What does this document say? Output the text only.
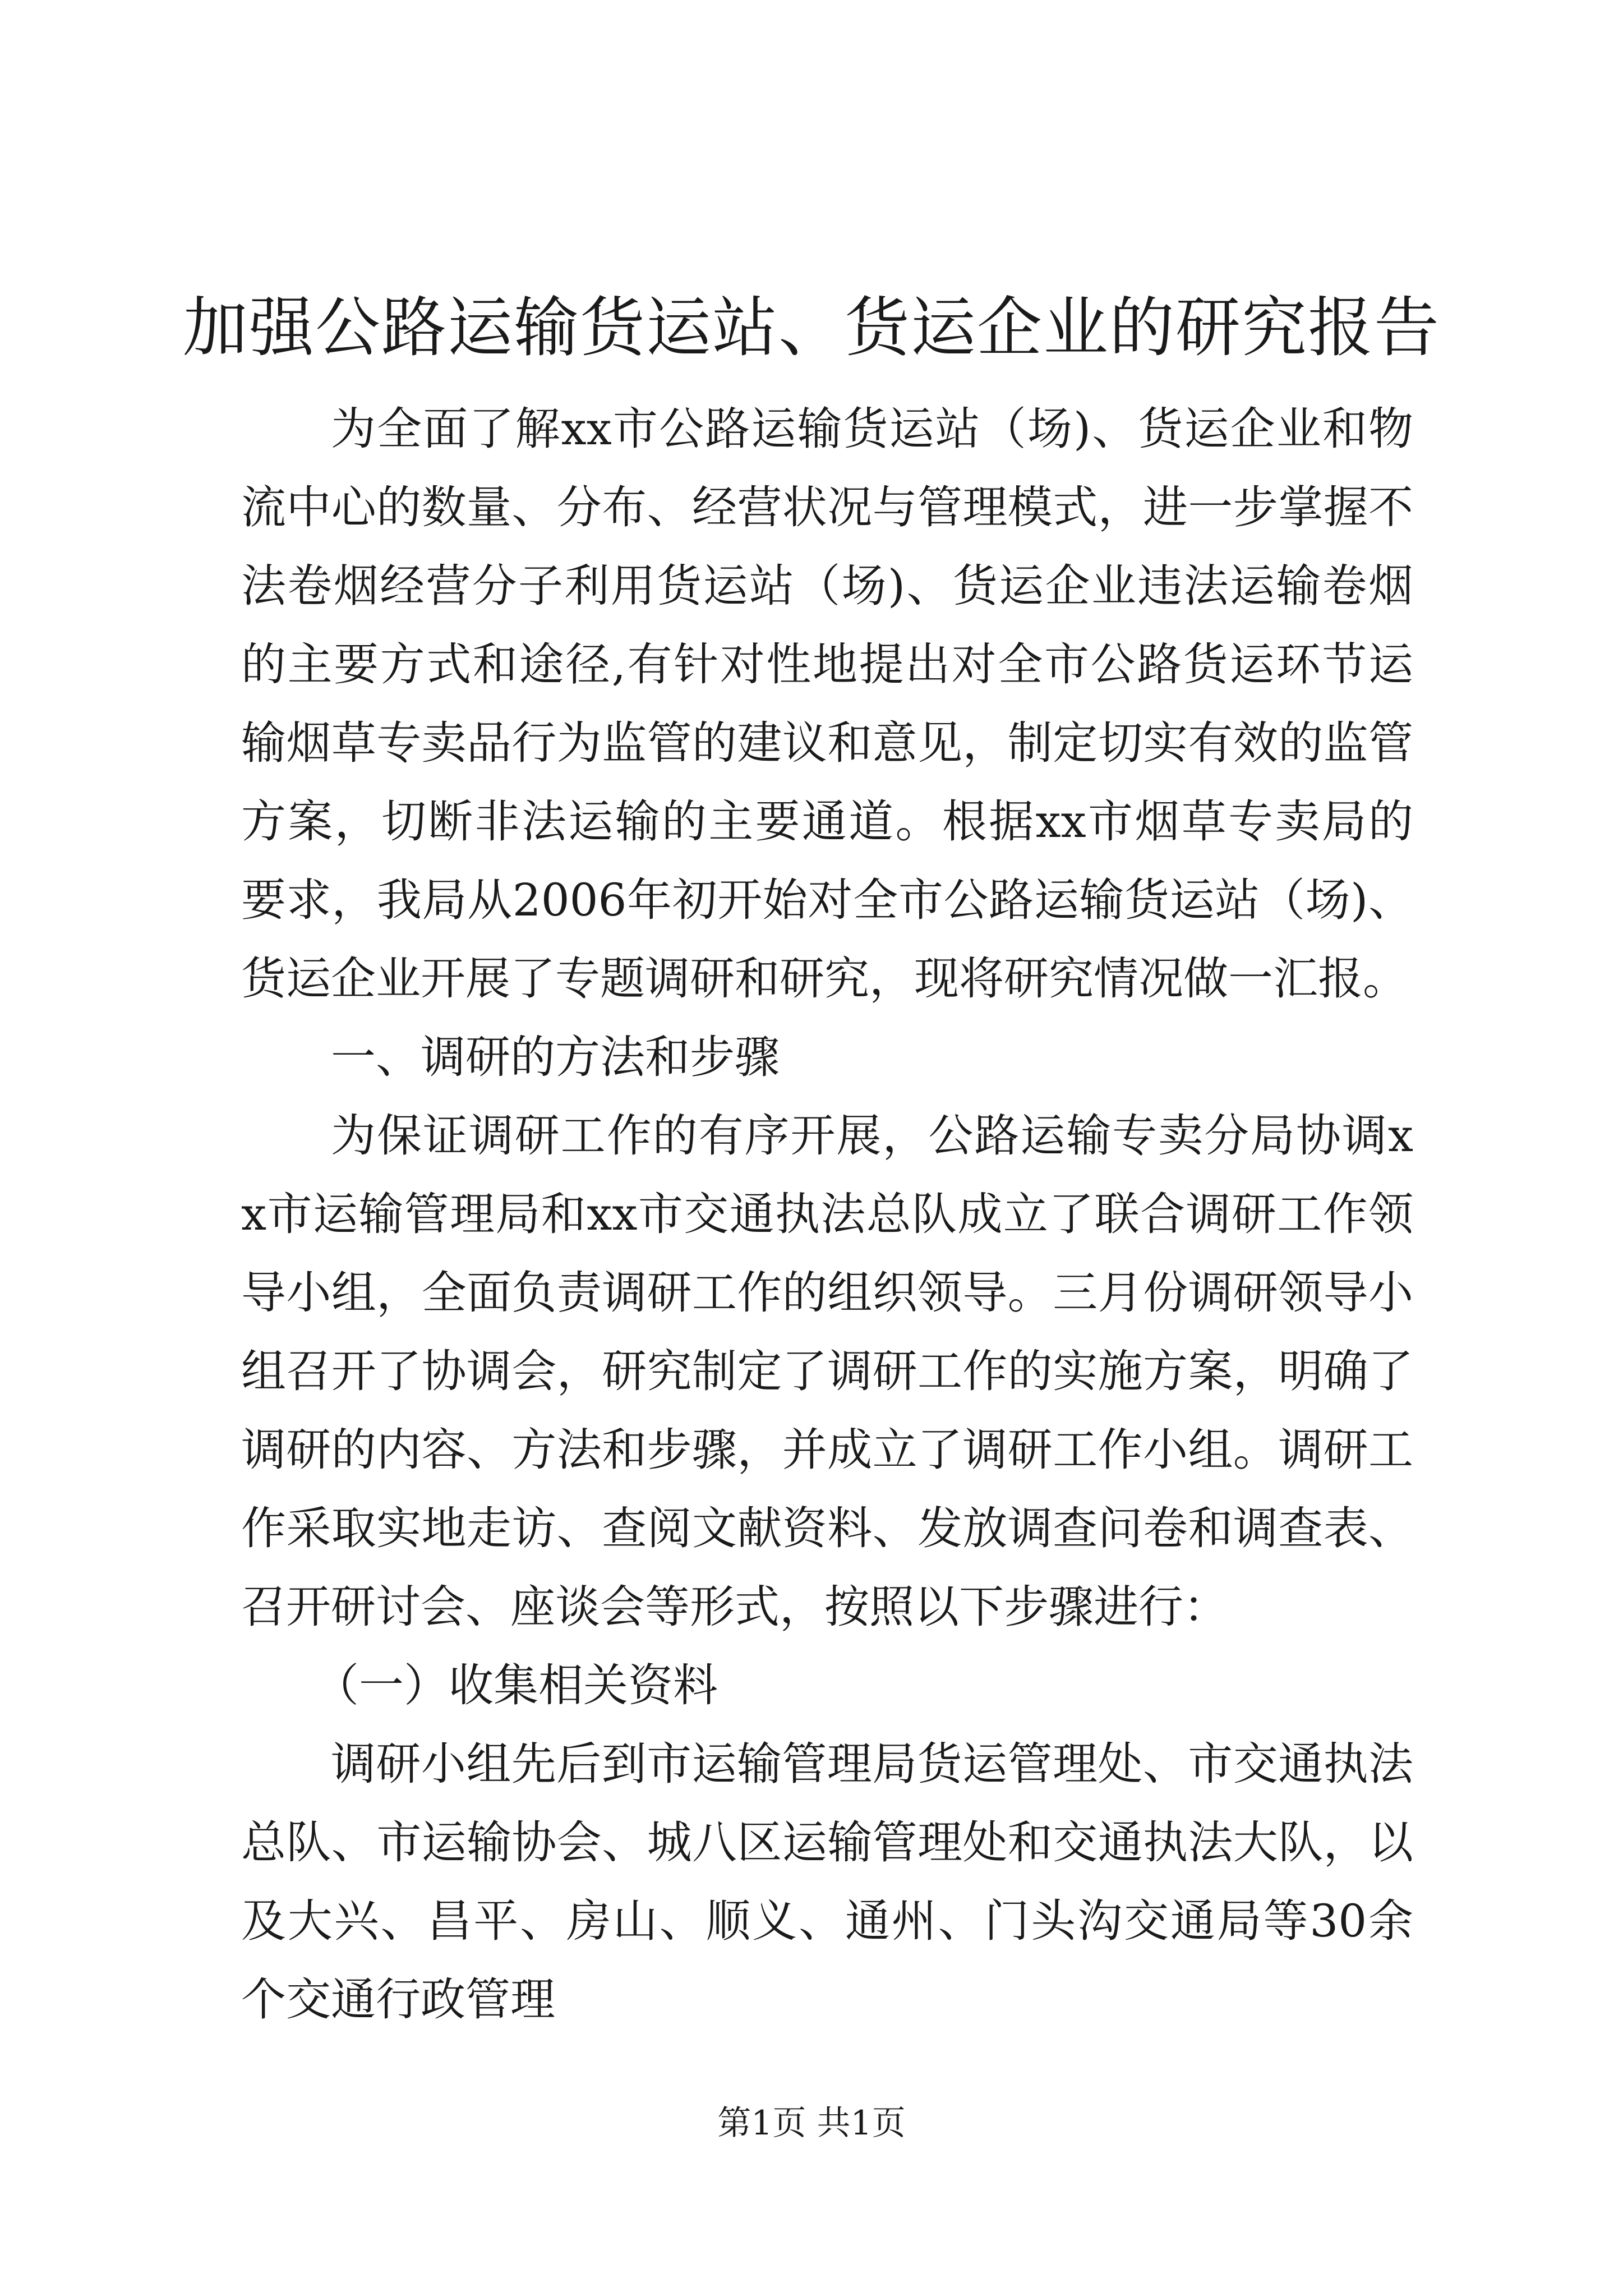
加强公路运输货运站、货运企业的研究报告

为全面了解xx市公路运输货运站（场)、货运企业和物流中心的数量、分布、经营状况与管理模式，进一步掌握不法卷烟经营分子利用货运站（场)、货运企业违法运输卷烟的主要方式和途径,有针对性地提出对全市公路货运环节运输烟草专卖品行为监管的建议和意见，制定切实有效的监管方案，切断非法运输的主要通道。根据xx市烟草专卖局的要求，我局从2006年初开始对全市公路运输货运站（场)、货运企业开展了专题调研和研究，现将研究情况做一汇报。

一、调研的方法和步骤

为保证调研工作的有序开展，公路运输专卖分局协调xx市运输管理局和xx市交通执法总队成立了联合调研工作领导小组，全面负责调研工作的组织领导。三月份调研领导小组召开了协调会，研究制定了调研工作的实施方案，明确了调研的内容、方法和步骤，并成立了调研工作小组。调研工作采取实地走访、查阅文献资料、发放调查问卷和调查表、召开研讨会、座谈会等形式，按照以下步骤进行：

（一）收集相关资料

调研小组先后到市运输管理局货运管理处、市交通执法总队、市运输协会、城八区运输管理处和交通执法大队，以及大兴、昌平、房山、顺义、通州、门头沟交通局等30余个交通行政管理

第1页 共1页
